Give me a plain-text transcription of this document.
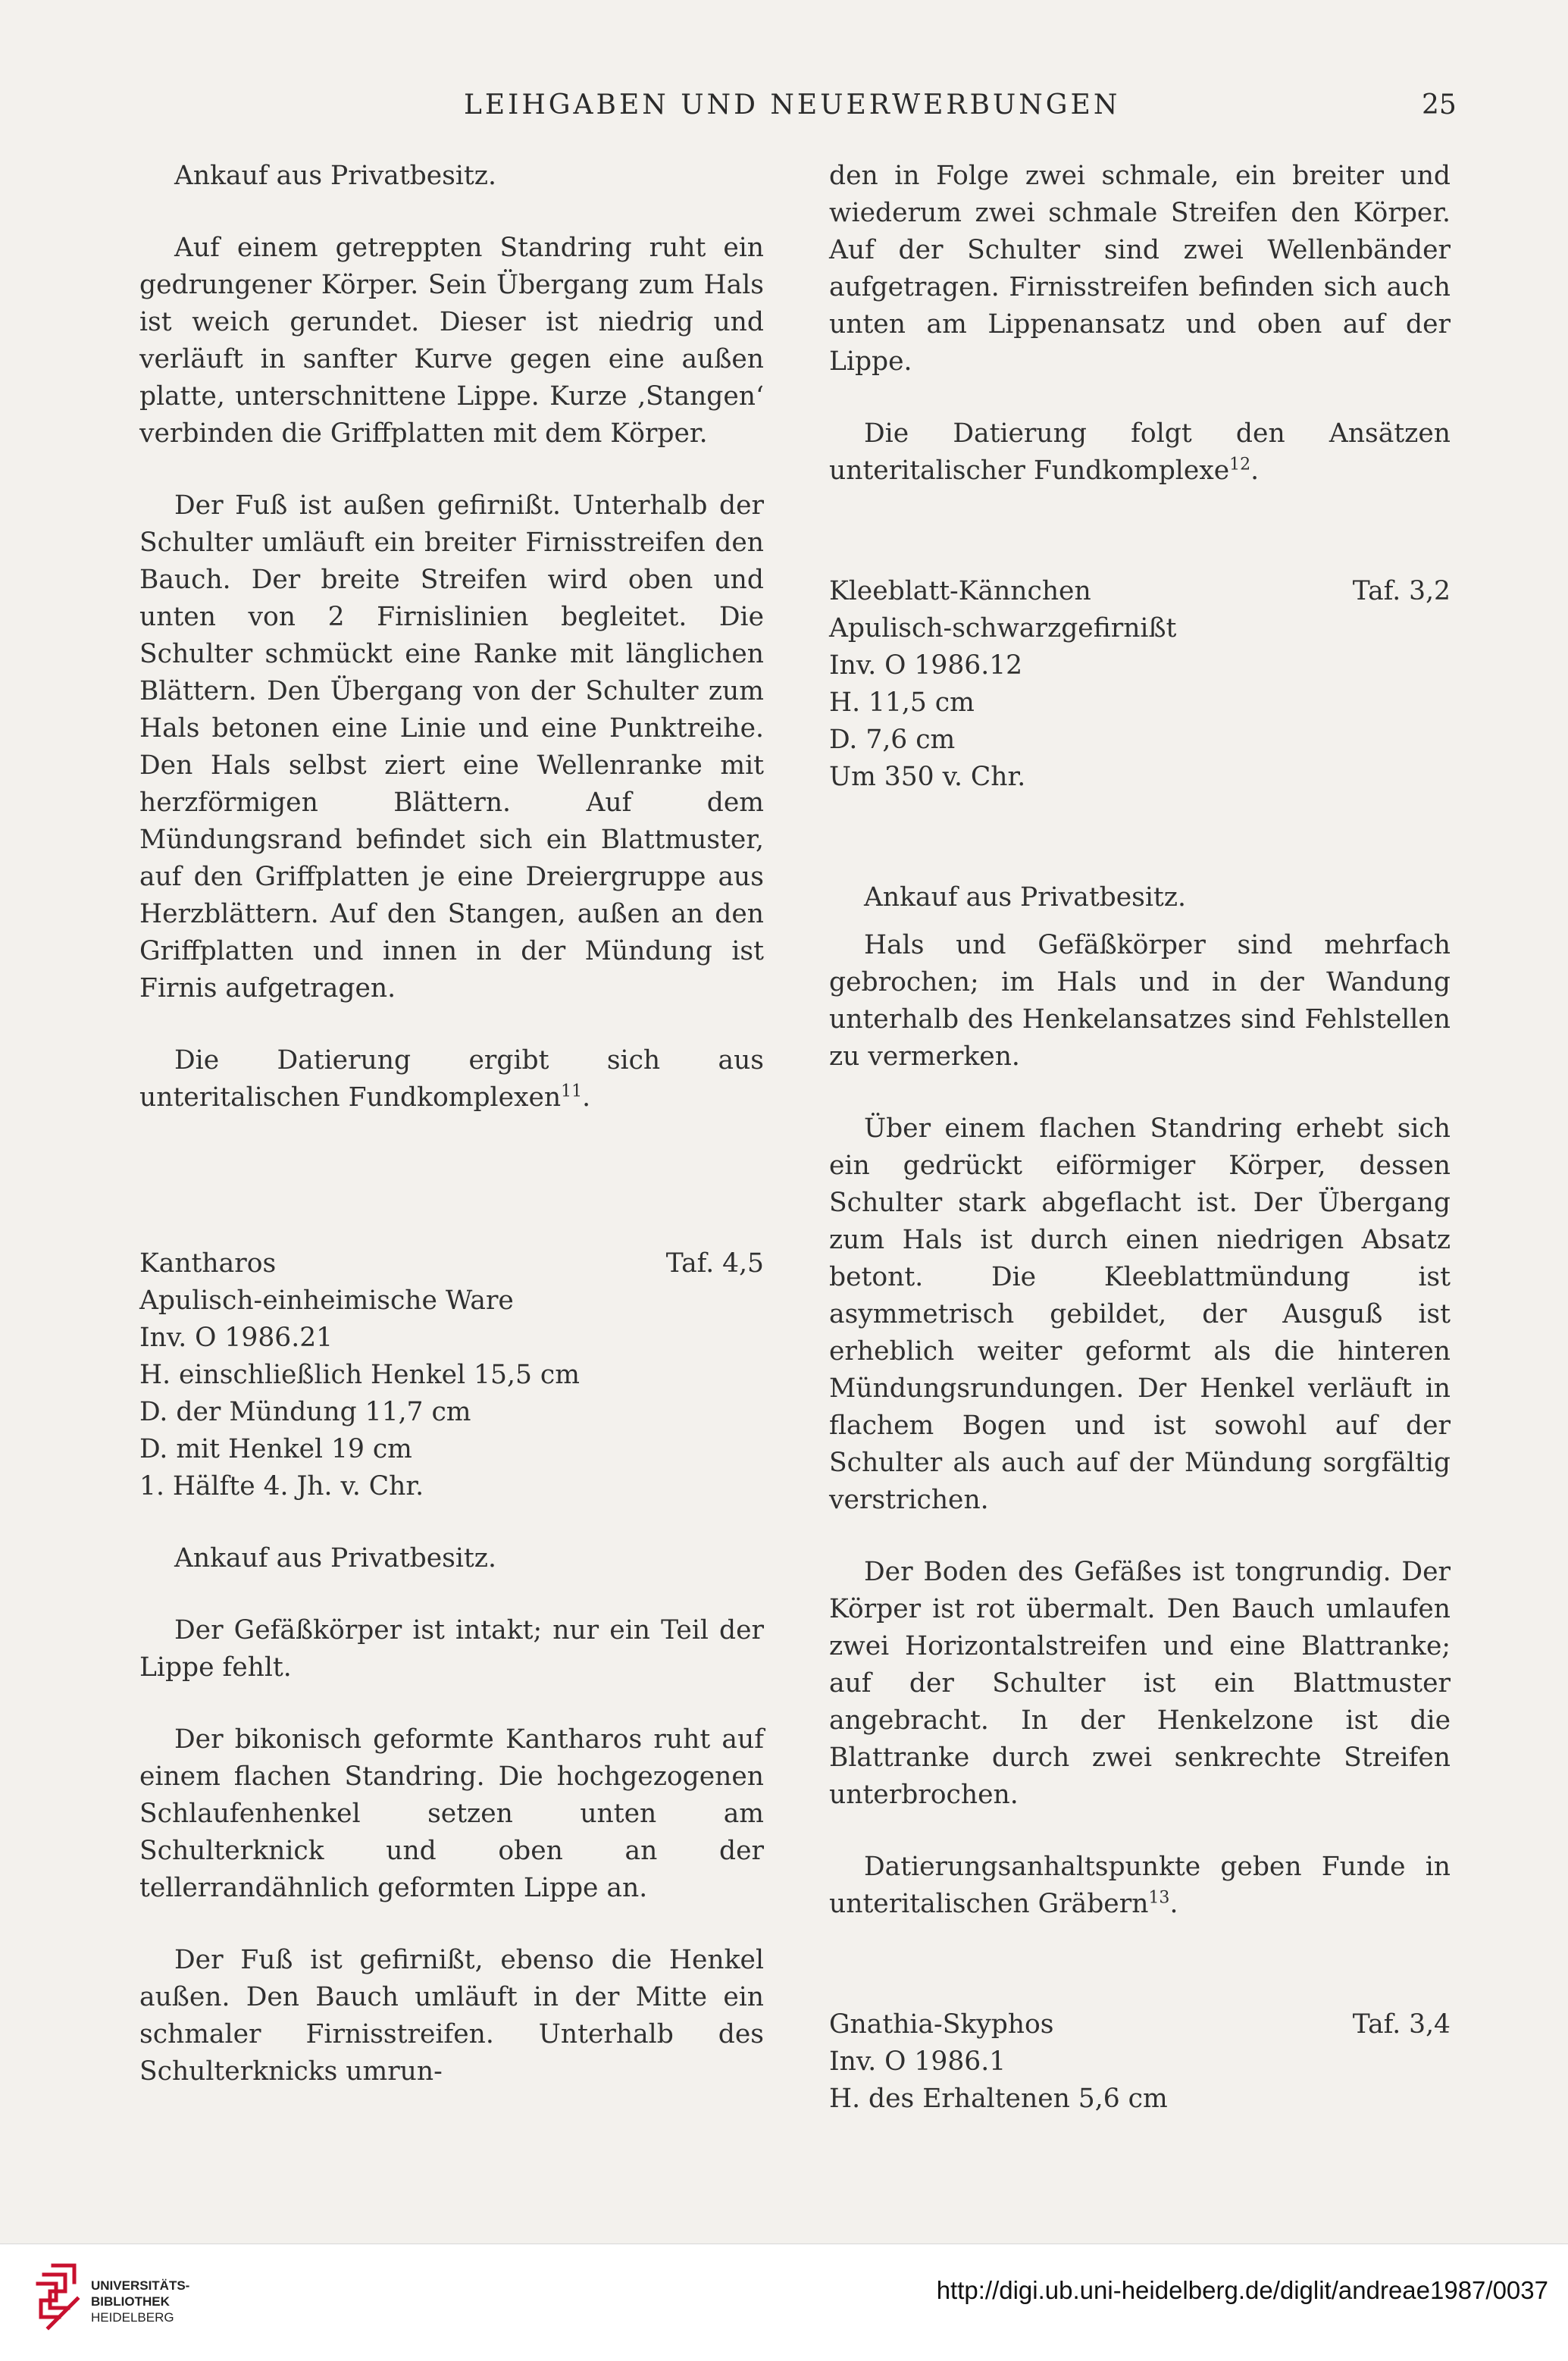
LEIHGABEN UND NEUERWERBUNGEN	25

Ankauf aus Privatbesitz.

Auf einem getreppten Standring ruht ein gedrungener Körper. Sein Übergang zum Hals ist weich gerundet. Dieser ist niedrig und verläuft in sanfter Kurve gegen eine außen platte, unterschnittene Lippe. Kurze ‚Stangen‘ verbinden die Griffplatten mit dem Körper.

Der Fuß ist außen gefirnißt. Unterhalb der Schulter umläuft ein breiter Firnisstreifen den Bauch. Der breite Streifen wird oben und unten von 2 Firnislinien begleitet. Die Schulter schmückt eine Ranke mit länglichen Blättern. Den Übergang von der Schulter zum Hals betonen eine Linie und eine Punktreihe. Den Hals selbst ziert eine Wellenranke mit herzförmigen Blättern. Auf dem Mündungsrand befindet sich ein Blattmuster, auf den Griffplatten je eine Dreiergruppe aus Herzblättern. Auf den Stangen, außen an den Griffplatten und innen in der Mündung ist Firnis aufgetragen.

Die Datierung ergibt sich aus unteritalischen Fundkomplexen$^{11}$.

Kantharos	Taf. 4,5

Apulisch-einheimische Ware

Inv. O 1986.21

H. einschließlich Henkel 15,5 cm

D. der Mündung 11,7 cm

D. mit Henkel 19 cm

1. Hälfte 4. Jh. v. Chr.

Ankauf aus Privatbesitz.

Der Gefäßkörper ist intakt; nur ein Teil der Lippe fehlt.

Der bikonisch geformte Kantharos ruht auf einem flachen Standring. Die hochgezogenen Schlaufenhenkel setzen unten am Schulterknick und oben an der tellerrandähnlich geformten Lippe an.

Der Fuß ist gefirnißt, ebenso die Henkel außen. Den Bauch umläuft in der Mitte ein schmaler Firnisstreifen. Unterhalb des Schulterknicks umrun-

den in Folge zwei schmale, ein breiter und wiederum zwei schmale Streifen den Körper. Auf der Schulter sind zwei Wellenbänder aufgetragen. Firnisstreifen befinden sich auch unten am Lippenansatz und oben auf der Lippe.

Die Datierung folgt den Ansätzen unteritalischer Fundkomplexe$^{12}$.

Kleeblatt-Kännchen	Taf. 3,2

Apulisch-schwarzgefirnißt

Inv. O 1986.12

H. 11,5 cm

D. 7,6 cm

Um 350 v. Chr.

Ankauf aus Privatbesitz.

Hals und Gefäßkörper sind mehrfach gebrochen; im Hals und in der Wandung unterhalb des Henkelansatzes sind Fehlstellen zu vermerken.

Über einem flachen Standring erhebt sich ein gedrückt eiförmiger Körper, dessen Schulter stark abgeflacht ist. Der Übergang zum Hals ist durch einen niedrigen Absatz betont. Die Kleeblattmündung ist asymmetrisch gebildet, der Ausguß ist erheblich weiter geformt als die hinteren Mündungsrundungen. Der Henkel verläuft in flachem Bogen und ist sowohl auf der Schulter als auch auf der Mündung sorgfältig verstrichen.

Der Boden des Gefäßes ist tongrundig. Der Körper ist rot übermalt. Den Bauch umlaufen zwei Horizontalstreifen und eine Blattranke; auf der Schulter ist ein Blattmuster angebracht. In der Henkelzone ist die Blattranke durch zwei senkrechte Streifen unterbrochen.

Datierungsanhaltspunkte geben Funde in unteritalischen Gräbern$^{13}$.

Gnathia-Skyphos	Taf. 3,4

Inv. O 1986.1

H. des Erhaltenen 5,6 cm

UNIVERSITÄTS-
BIBLIOTHEK
HEIDELBERG
http://digi.ub.uni-heidelberg.de/diglit/andreae1987/0037
